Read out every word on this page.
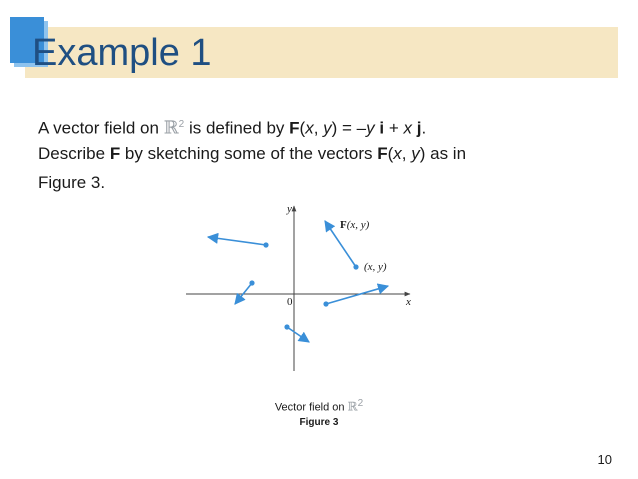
Example 1
A vector field on ℝ$^2$ is defined by F(x, y) = –y i + x j.
Describe F by sketching some of the vectors F(x, y) as in
Figure 3.
y
x
0
F(x, y)
(x, y)
Vector field on ℝ2
Figure 3
10
